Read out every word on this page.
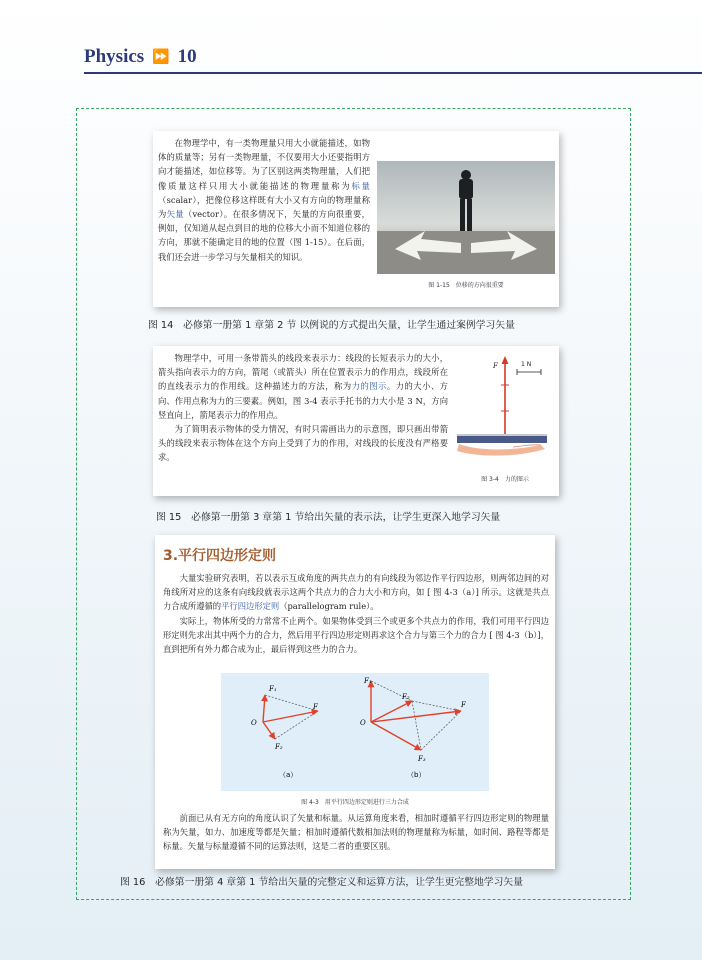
Physics ⏩ 10
在物理学中，有一类物理量只用大小就能描述，如物体的质量等；另有一类物理量，不仅要用大小还要指明方向才能描述，如位移等。为了区别这两类物理量，人们把像质量这样只用大小就能描述的物理量称为标量（scalar），把像位移这样既有大小又有方向的物理量称为矢量（vector）。在很多情况下，矢量的方向很重要，例如，仅知道从起点到目的地的位移大小而不知道位移的方向，那就不能确定目的地的位置（图 1-15）。在后面，我们还会进一步学习与矢量相关的知识。
图 1-15　位移的方向很重要
图 14　必修第一册第 1 章第 2 节 以例说的方式提出矢量，让学生通过案例学习矢量
物理学中，可用一条带箭头的线段来表示力：线段的长短表示力的大小，箭头指向表示力的方向，箭尾（或箭头）所在位置表示力的作用点，线段所在的直线表示力的作用线。这种描述力的方法，称为力的图示。力的大小、方向、作用点称为力的三要素。例如，图 3-4 表示手托书的力大小是 3 N，方向竖直向上，箭尾表示力的作用点。
为了简明表示物体的受力情况，有时只需画出力的示意图，即只画出带箭头的线段来表示物体在这个方向上受到了力的作用，对线段的长度没有严格要求。
F	1 N
图 3-4　力的图示
图 15　必修第一册第 3 章第 1 节给出矢量的表示法，让学生更深入地学习矢量
3.平行四边形定则
大量实验研究表明，若以表示互成角度的两共点力的有向线段为邻边作平行四边形，则两邻边间的对角线所对应的这条有向线段就表示这两个共点力的合力大小和方向，如 [ 图 4-3（a）] 所示。这就是共点力合成所遵循的平行四边形定则（parallelogram rule）。
实际上，物体所受的力常常不止两个。如果物体受到三个或更多个共点力的作用，我们可用平行四边形定则先求出其中两个力的合力，然后用平行四边形定则再求这个合力与第三个力的合力 [ 图 4-3（b）]，直到把所有外力都合成为止，最后得到这些力的合力。
O
F₁
F₂
F
（a）
O
F₁
F₂
F₃
F
（b）
图 4-3　用平行四边形定则进行三力合成
前面已从有无方向的角度认识了矢量和标量。从运算角度来看，相加时遵循平行四边形定则的物理量称为矢量，如力、加速度等都是矢量；相加时遵循代数相加法则的物理量称为标量，如时间、路程等都是标量。矢量与标量遵循不同的运算法则，这是二者的重要区别。
图 16　必修第一册第 4 章第 1 节给出矢量的完整定义和运算方法，让学生更完整地学习矢量
